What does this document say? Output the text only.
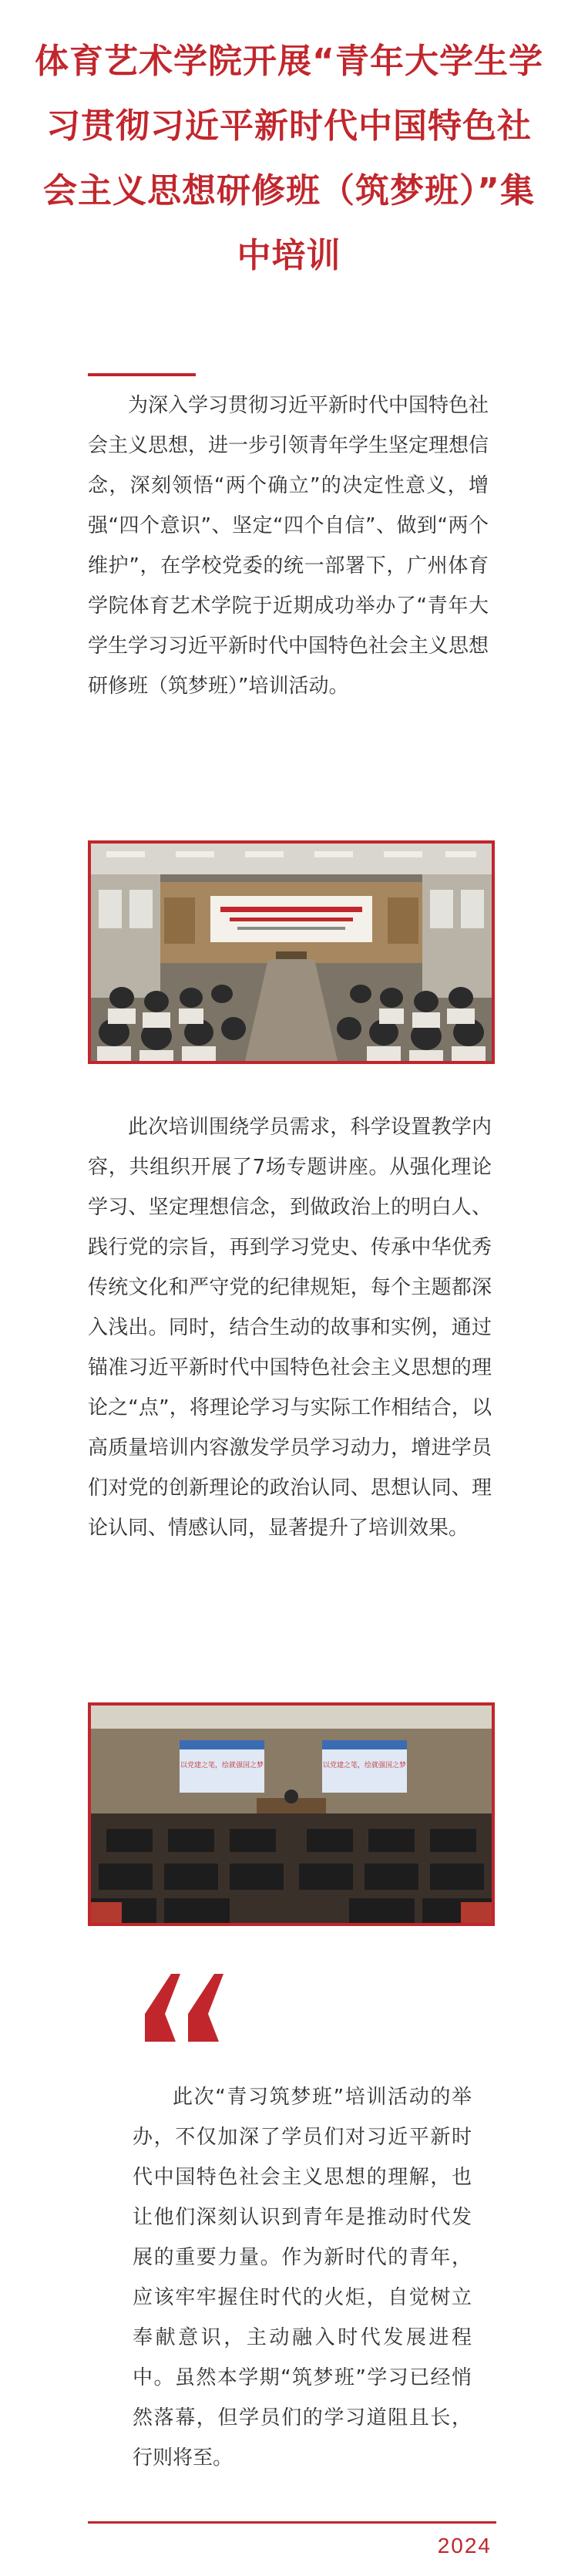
体育艺术学院开展“青年大学生学习贯彻习近平新时代中国特色社会主义思想研修班（筑梦班）”集中培训

为深入学习贯彻习近平新时代中国特色社会主义思想，进一步引领青年学生坚定理想信念，深刻领悟“两个确立”的决定性意义，增强“四个意识”、坚定“四个自信”、做到“两个维护”，在学校党委的统一部署下，广州体育学院体育艺术学院于近期成功举办了“青年大学生学习习近平新时代中国特色社会主义思想研修班（筑梦班）”培训活动。

此次培训围绕学员需求，科学设置教学内容，共组织开展了7场专题讲座。从强化理论学习、坚定理想信念，到做政治上的明白人、践行党的宗旨，再到学习党史、传承中华优秀传统文化和严守党的纪律规矩，每个主题都深入浅出。同时，结合生动的故事和实例，通过锚准习近平新时代中国特色社会主义思想的理论之“点”，将理论学习与实际工作相结合，以高质量培训内容激发学员学习动力，增进学员们对党的创新理论的政治认同、思想认同、理论认同、情感认同，显著提升了培训效果。

以党建之笔，绘就强国之梦	以党建之笔，绘就强国之梦

此次“青习筑梦班”培训活动的举办，不仅加深了学员们对习近平新时代中国特色社会主义思想的理解，也让他们深刻认识到青年是推动时代发展的重要力量。作为新时代的青年，应该牢牢握住时代的火炬，自觉树立奉献意识，主动融入时代发展进程中。虽然本学期“筑梦班”学习已经悄然落幕，但学员们的学习道阻且长，行则将至。

2024
